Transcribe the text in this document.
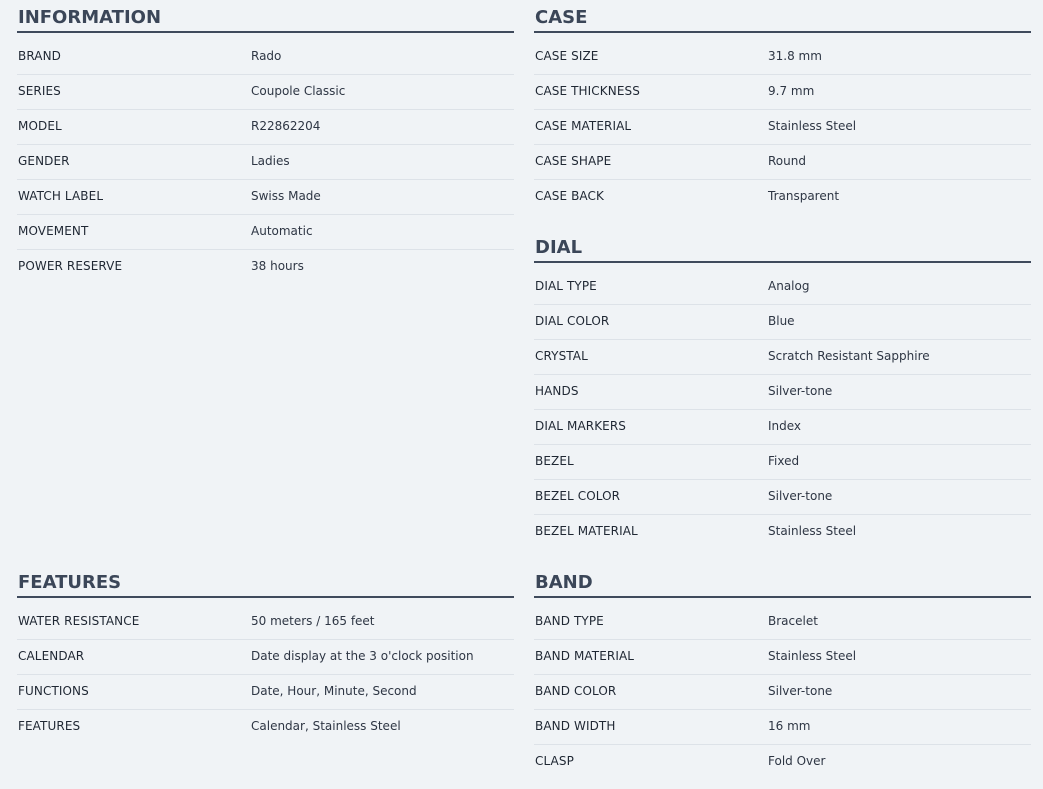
INFORMATION
BRAND	Rado
SERIES	Coupole Classic
MODEL	R22862204
GENDER	Ladies
WATCH LABEL	Swiss Made
MOVEMENT	Automatic
POWER RESERVE	38 hours
CASE
CASE SIZE	31.8 mm
CASE THICKNESS	9.7 mm
CASE MATERIAL	Stainless Steel
CASE SHAPE	Round
CASE BACK	Transparent
DIAL
DIAL TYPE	Analog
DIAL COLOR	Blue
CRYSTAL	Scratch Resistant Sapphire
HANDS	Silver-tone
DIAL MARKERS	Index
BEZEL	Fixed
BEZEL COLOR	Silver-tone
BEZEL MATERIAL	Stainless Steel
FEATURES
WATER RESISTANCE	50 meters / 165 feet
CALENDAR	Date display at the 3 o'clock position
FUNCTIONS	Date, Hour, Minute, Second
FEATURES	Calendar, Stainless Steel
BAND
BAND TYPE	Bracelet
BAND MATERIAL	Stainless Steel
BAND COLOR	Silver-tone
BAND WIDTH	16 mm
CLASP	Fold Over
